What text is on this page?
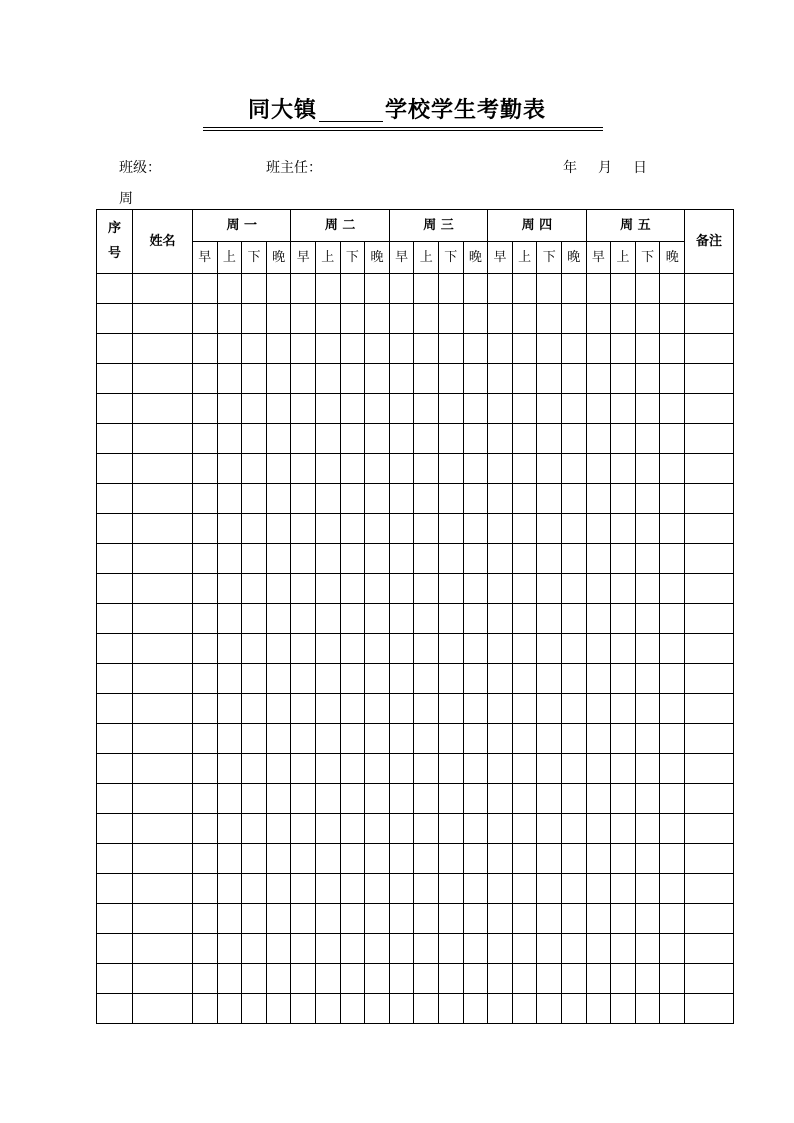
同大镇	学校学生考勤表
班级：	班主任：	年 月 日
周
序
号	姓名	周 一				周 二				周 三				周 四				周 五				备注
		早	上	下	晚	早	上	下	晚	早	上	下	晚	早	上	下	晚	早	上	下	晚	
